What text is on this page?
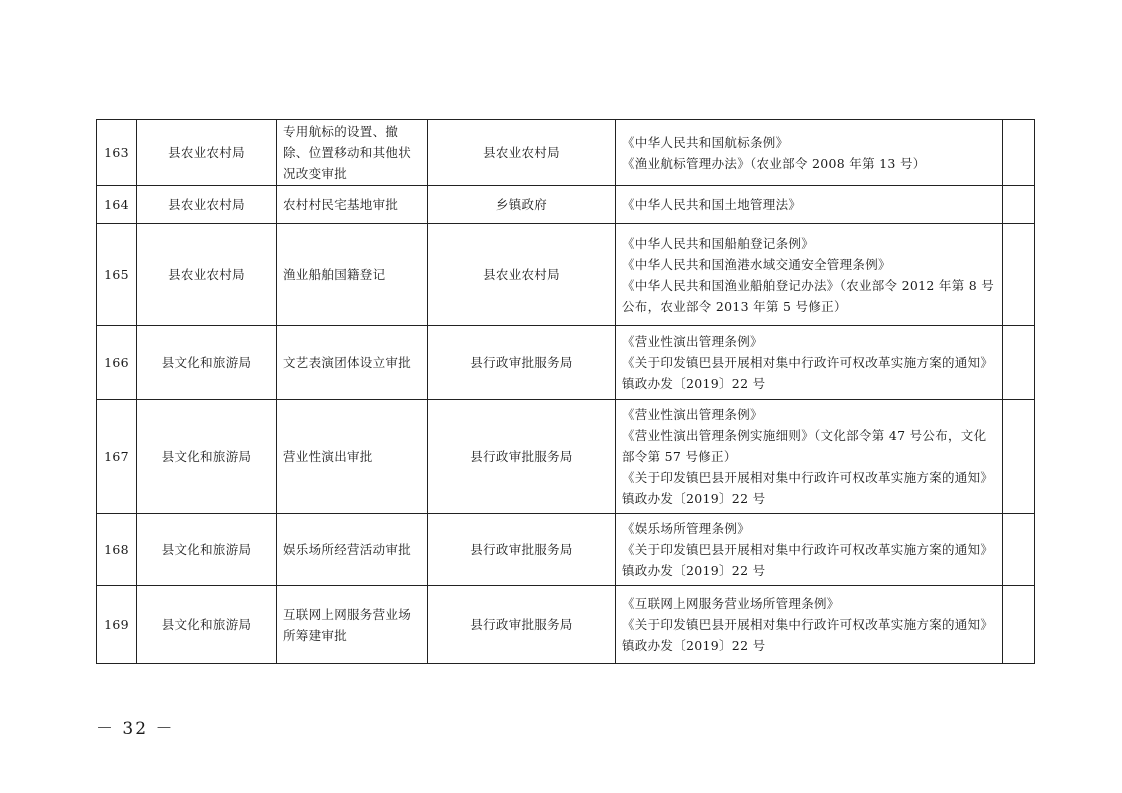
163	县农业农村局	专用航标的设置、撤除、位置移动和其他状况改变审批	县农业农村局	《中华人民共和国航标条例》
《渔业航标管理办法》（农业部令 2008 年第 13 号）	

164	县农业农村局	农村村民宅基地审批	乡镇政府	《中华人民共和国土地管理法》	

165	县农业农村局	渔业船舶国籍登记	县农业农村局	《中华人民共和国船舶登记条例》
《中华人民共和国渔港水域交通安全管理条例》
《中华人民共和国渔业船舶登记办法》（农业部令 2012 年第 8 号公布，农业部令 2013 年第 5 号修正）	

166	县文化和旅游局	文艺表演团体设立审批	县行政审批服务局	《营业性演出管理条例》
《关于印发镇巴县开展相对集中行政许可权改革实施方案的通知》镇政办发〔2019〕22 号	

167	县文化和旅游局	营业性演出审批	县行政审批服务局	《营业性演出管理条例》
《营业性演出管理条例实施细则》（文化部令第 47 号公布，文化部令第 57 号修正）
《关于印发镇巴县开展相对集中行政许可权改革实施方案的通知》镇政办发〔2019〕22 号	

168	县文化和旅游局	娱乐场所经营活动审批	县行政审批服务局	《娱乐场所管理条例》
《关于印发镇巴县开展相对集中行政许可权改革实施方案的通知》镇政办发〔2019〕22 号	

169	县文化和旅游局	互联网上网服务营业场所筹建审批	县行政审批服务局	《互联网上网服务营业场所管理条例》
《关于印发镇巴县开展相对集中行政许可权改革实施方案的通知》镇政办发〔2019〕22 号	

－ 32 －
